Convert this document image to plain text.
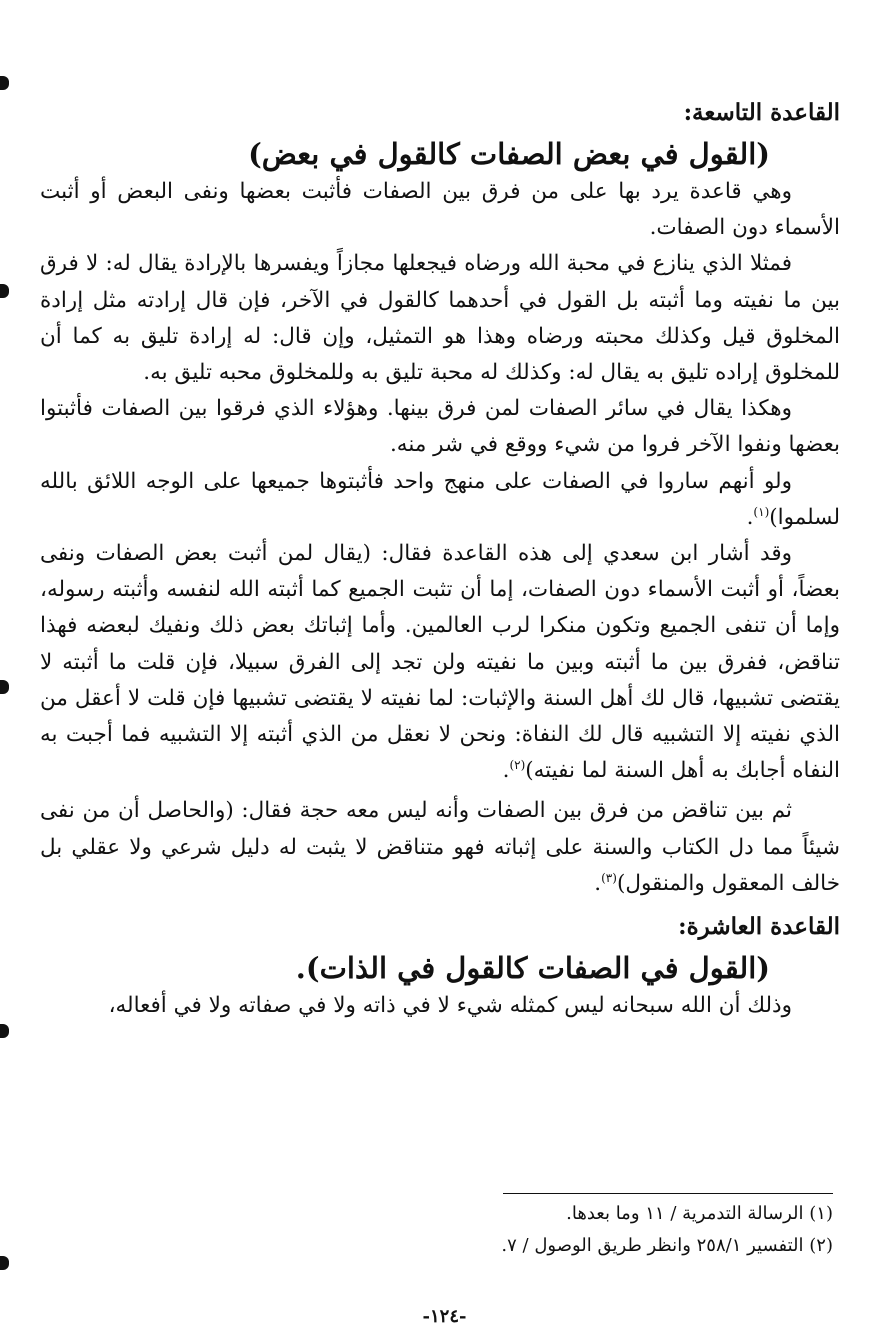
القاعدة التاسعة:
(القول في بعض الصفات كالقول في بعض)

وهي قاعدة يرد بها على من فرق بين الصفات فأثبت بعضها ونفى البعض أو أثبت الأسماء دون الصفات.

فمثلا الذي ينازع في محبة الله ورضاه فيجعلها مجازاً ويفسرها بالإرادة يقال له: لا فرق بين ما نفيته وما أثبته بل القول في أحدهما كالقول في الآخر، فإن قال إرادته مثل إرادة المخلوق قيل وكذلك محبته ورضاه وهذا هو التمثيل، وإن قال: له إرادة تليق به كما أن للمخلوق إراده تليق به يقال له: وكذلك له محبة تليق به وللمخلوق محبه تليق به.

وهكذا يقال في سائر الصفات لمن فرق بينها. وهؤلاء الذي فرقوا بين الصفات فأثبتوا بعضها ونفوا الآخر فروا من شيء ووقع في شر منه.

ولو أنهم ساروا في الصفات على منهج واحد فأثبتوها جميعها على الوجه اللائق بالله لسلموا)$^{(١)}$.

وقد أشار ابن سعدي إلى هذه القاعدة فقال: (يقال لمن أثبت بعض الصفات ونفى بعضاً، أو أثبت الأسماء دون الصفات، إما أن تثبت الجميع كما أثبته الله لنفسه وأثبته رسوله، وإما أن تنفى الجميع وتكون منكرا لرب العالمين. وأما إثباتك بعض ذلك ونفيك لبعضه فهذا تناقض، ففرق بين ما أثبته وبين ما نفيته ولن تجد إلى الفرق سبيلا، فإن قلت ما أثبته لا يقتضى تشبيها، قال لك أهل السنة والإثبات: لما نفيته لا يقتضى تشبيها فإن قلت لا أعقل من الذي نفيته إلا التشبيه قال لك النفاة: ونحن لا نعقل من الذي أثبته إلا التشبيه فما أجبت به النفاه أجابك به أهل السنة لما نفيته)$^{(٢)}$.

ثم بين تناقض من فرق بين الصفات وأنه ليس معه حجة فقال: (والحاصل أن من نفى شيئاً مما دل الكتاب والسنة على إثباته فهو متناقض لا يثبت له دليل شرعي ولا عقلي بل خالف المعقول والمنقول)$^{(٣)}$.

القاعدة العاشرة:
(القول في الصفات كالقول في الذات).

وذلك أن الله سبحانه ليس كمثله شيء لا في ذاته ولا في صفاته ولا في أفعاله،

(١) الرسالة التدمرية / ١١ وما بعدها.
(٢) التفسير ٢٥٨/١ وانظر طريق الوصول / ٧.
-١٢٤-
